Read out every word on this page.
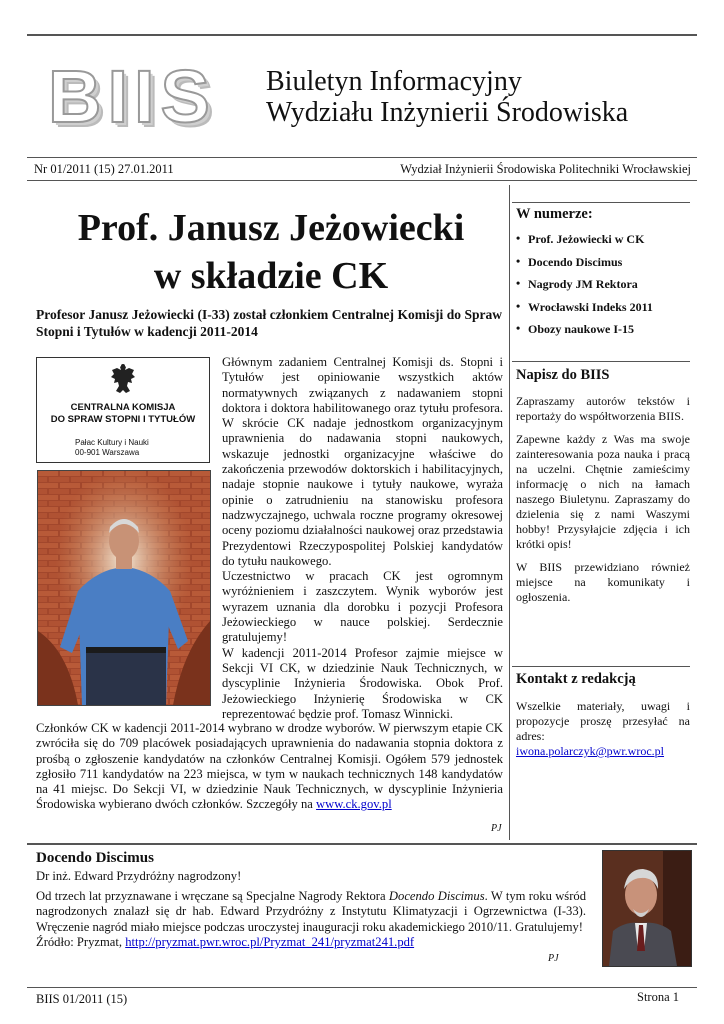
BIIS Biuletyn Informacyjny
Wydziału Inżynierii Środowiska
Nr 01/2011 (15) 27.01.2011	Wydział Inżynierii Środowiska Politechniki Wrocławskiej
Prof. Janusz Jeżowiecki
w składzie CK
Profesor Janusz Jeżowiecki (I-33) został członkiem Centralnej Komisji do Spraw Stopni i Tytułów w kadencji 2011-2014
CENTRALNA KOMISJA
DO SPRAW STOPNI I TYTUŁÓW
Pałac Kultury i Nauki
00-901 Warszawa

Głównym zadaniem Centralnej Komisji ds. Stopni i Tytułów jest opiniowanie wszystkich aktów normatywnych związanych z nadawaniem stopni doktora i doktora habilitowanego oraz tytułu profesora. W skrócie CK nadaje jednostkom organizacyjnym uprawnienia do nadawania stopni naukowych, wskazuje jednostki organizacyjne właściwe do zakończenia przewodów doktorskich i habilitacyjnych, nadaje stopnie naukowe i tytuły naukowe, wyraża opinie o zatrudnieniu na stanowisku profesora nadzwyczajnego, uchwala roczne programy okresowej oceny poziomu działalności naukowej oraz przedstawia Prezydentowi Rzeczypospolitej Polskiej kandydatów do tytułu naukowego.

Uczestnictwo w pracach CK jest ogromnym wyróżnieniem i zaszczytem. Wynik wyborów jest wyrazem uznania dla dorobku i pozycji Profesora Jeżowieckiego w nauce polskiej. Serdecznie gratulujemy!

W kadencji 2011-2014 Profesor zajmie miejsce w Sekcji VI CK, w dziedzinie Nauk Technicznych, w dyscyplinie Inżynieria Środowiska. Obok Prof. Jeżowieckiego Inżynierię Środowiska w CK reprezentować będzie prof. Tomasz Winnicki.

Członków CK w kadencji 2011-2014 wybrano w drodze wyborów. W pierwszym etapie CK zwróciła się do 709 placówek posiadających uprawnienia do nadawania stopnia doktora z prośbą o zgłoszenie kandydatów na członków Centralnej Komisji. Ogółem 579 jednostek zgłosiło 711 kandydatów na 223 miejsca, w tym w naukach technicznych 148 kandydatów na 41 miejsc. Do Sekcji VI, w dziedzinie Nauk Technicznych, w dyscyplinie Inżynieria Środowiska wybierano dwóch członków. Szczegóły na www.ck.gov.pl
PJ
W numerze:
• Prof. Jeżowiecki w CK
• Docendo Discimus
• Nagrody JM Rektora
• Wrocławski Indeks 2011
• Obozy naukowe I-15
Napisz do BIIS

Zapraszamy autorów tekstów i reportaży do współtworzenia BIIS.

Zapewne każdy z Was ma swoje zainteresowania poza nauka i pracą na uczelni. Chętnie zamieścimy informację o nich na łamach naszego Biuletynu. Zapraszamy do dzielenia się z nami Waszymi hobby! Przysyłajcie zdjęcia i ich krótki opis!

W BIIS przewidziano również miejsce na komunikaty i ogłoszenia.

Kontakt z redakcją
Wszelkie materiały, uwagi i propozycje proszę przesyłać na adres:
iwona.polarczyk@pwr.wroc.pl
Docendo Discimus
Dr inż. Edward Przydróżny nagrodzony!
Od trzech lat przyznawane i wręczane są Specjalne Nagrody Rektora Docendo Discimus. W tym roku wśród nagrodzonych znalazł się dr hab. Edward Przydróżny z Instytutu Klimatyzacji i Ogrzewnictwa (I-33). Wręczenie nagród miało miejsce podczas uroczystej inauguracji roku akademickiego 2010/11. Gratulujemy!
Źródło: Pryzmat, http://pryzmat.pwr.wroc.pl/Pryzmat_241/pryzmat241.pdf
PJ
BIIS 01/2011 (15)	Strona 1
